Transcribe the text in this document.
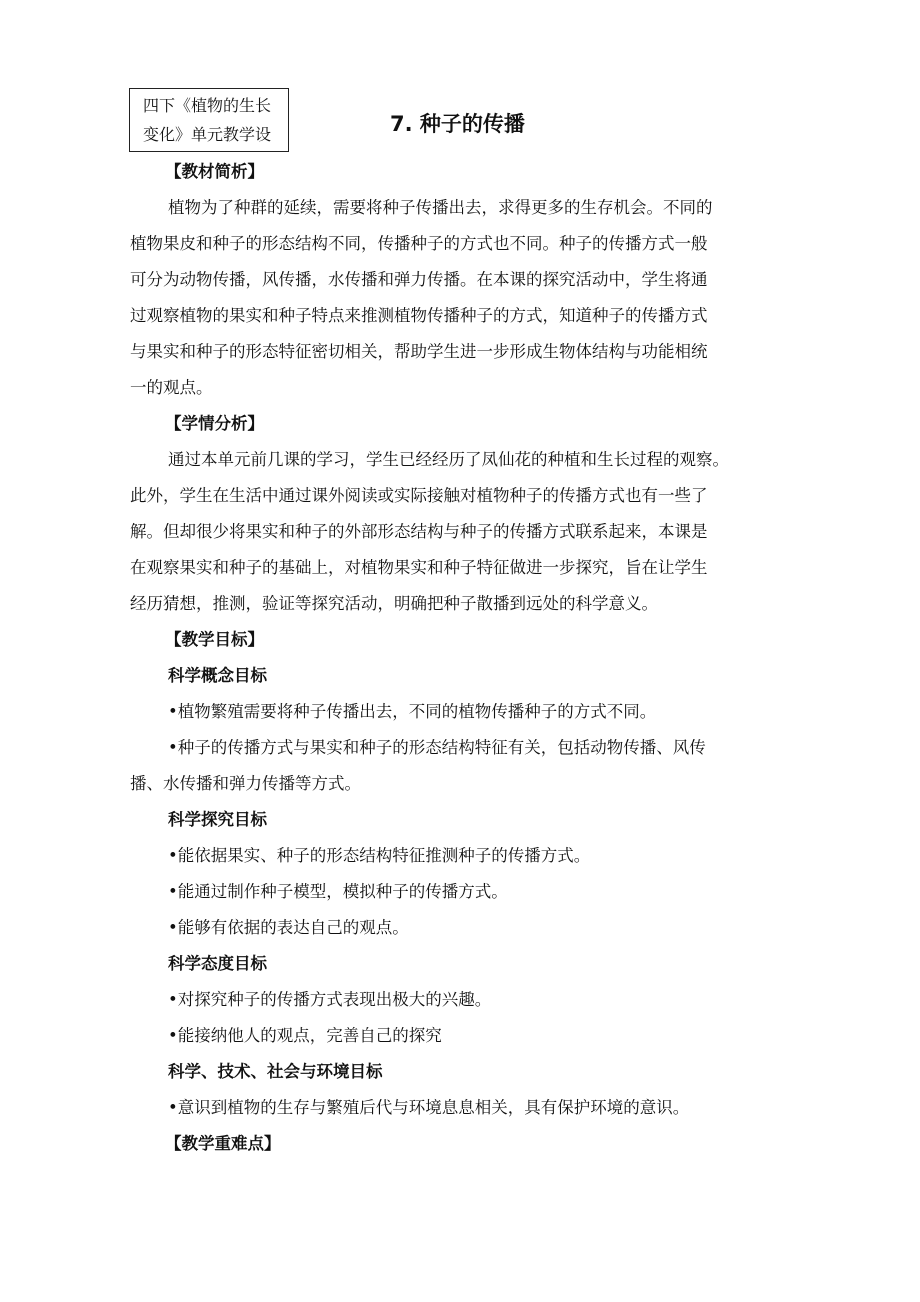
四下《植物的生长
变化》单元教学设	7. 种子的传播
【教材简析】
植物为了种群的延续，需要将种子传播出去，求得更多的生存机会。不同的
植物果皮和种子的形态结构不同，传播种子的方式也不同。种子的传播方式一般
可分为动物传播，风传播，水传播和弹力传播。在本课的探究活动中，学生将通
过观察植物的果实和种子特点来推测植物传播种子的方式，知道种子的传播方式
与果实和种子的形态特征密切相关，帮助学生进一步形成生物体结构与功能相统
一的观点。
【学情分析】
通过本单元前几课的学习，学生已经经历了凤仙花的种植和生长过程的观察。
此外，学生在生活中通过课外阅读或实际接触对植物种子的传播方式也有一些了
解。但却很少将果实和种子的外部形态结构与种子的传播方式联系起来，本课是
在观察果实和种子的基础上，对植物果实和种子特征做进一步探究，旨在让学生
经历猜想，推测，验证等探究活动，明确把种子散播到远处的科学意义。
【教学目标】
科学概念目标
•植物繁殖需要将种子传播出去，不同的植物传播种子的方式不同。
•种子的传播方式与果实和种子的形态结构特征有关，包括动物传播、风传
播、水传播和弹力传播等方式。
科学探究目标
•能依据果实、种子的形态结构特征推测种子的传播方式。
•能通过制作种子模型，模拟种子的传播方式。
•能够有依据的表达自己的观点。
科学态度目标
•对探究种子的传播方式表现出极大的兴趣。
•能接纳他人的观点，完善自己的探究
科学、技术、社会与环境目标
•意识到植物的生存与繁殖后代与环境息息相关，具有保护环境的意识。
【教学重难点】
